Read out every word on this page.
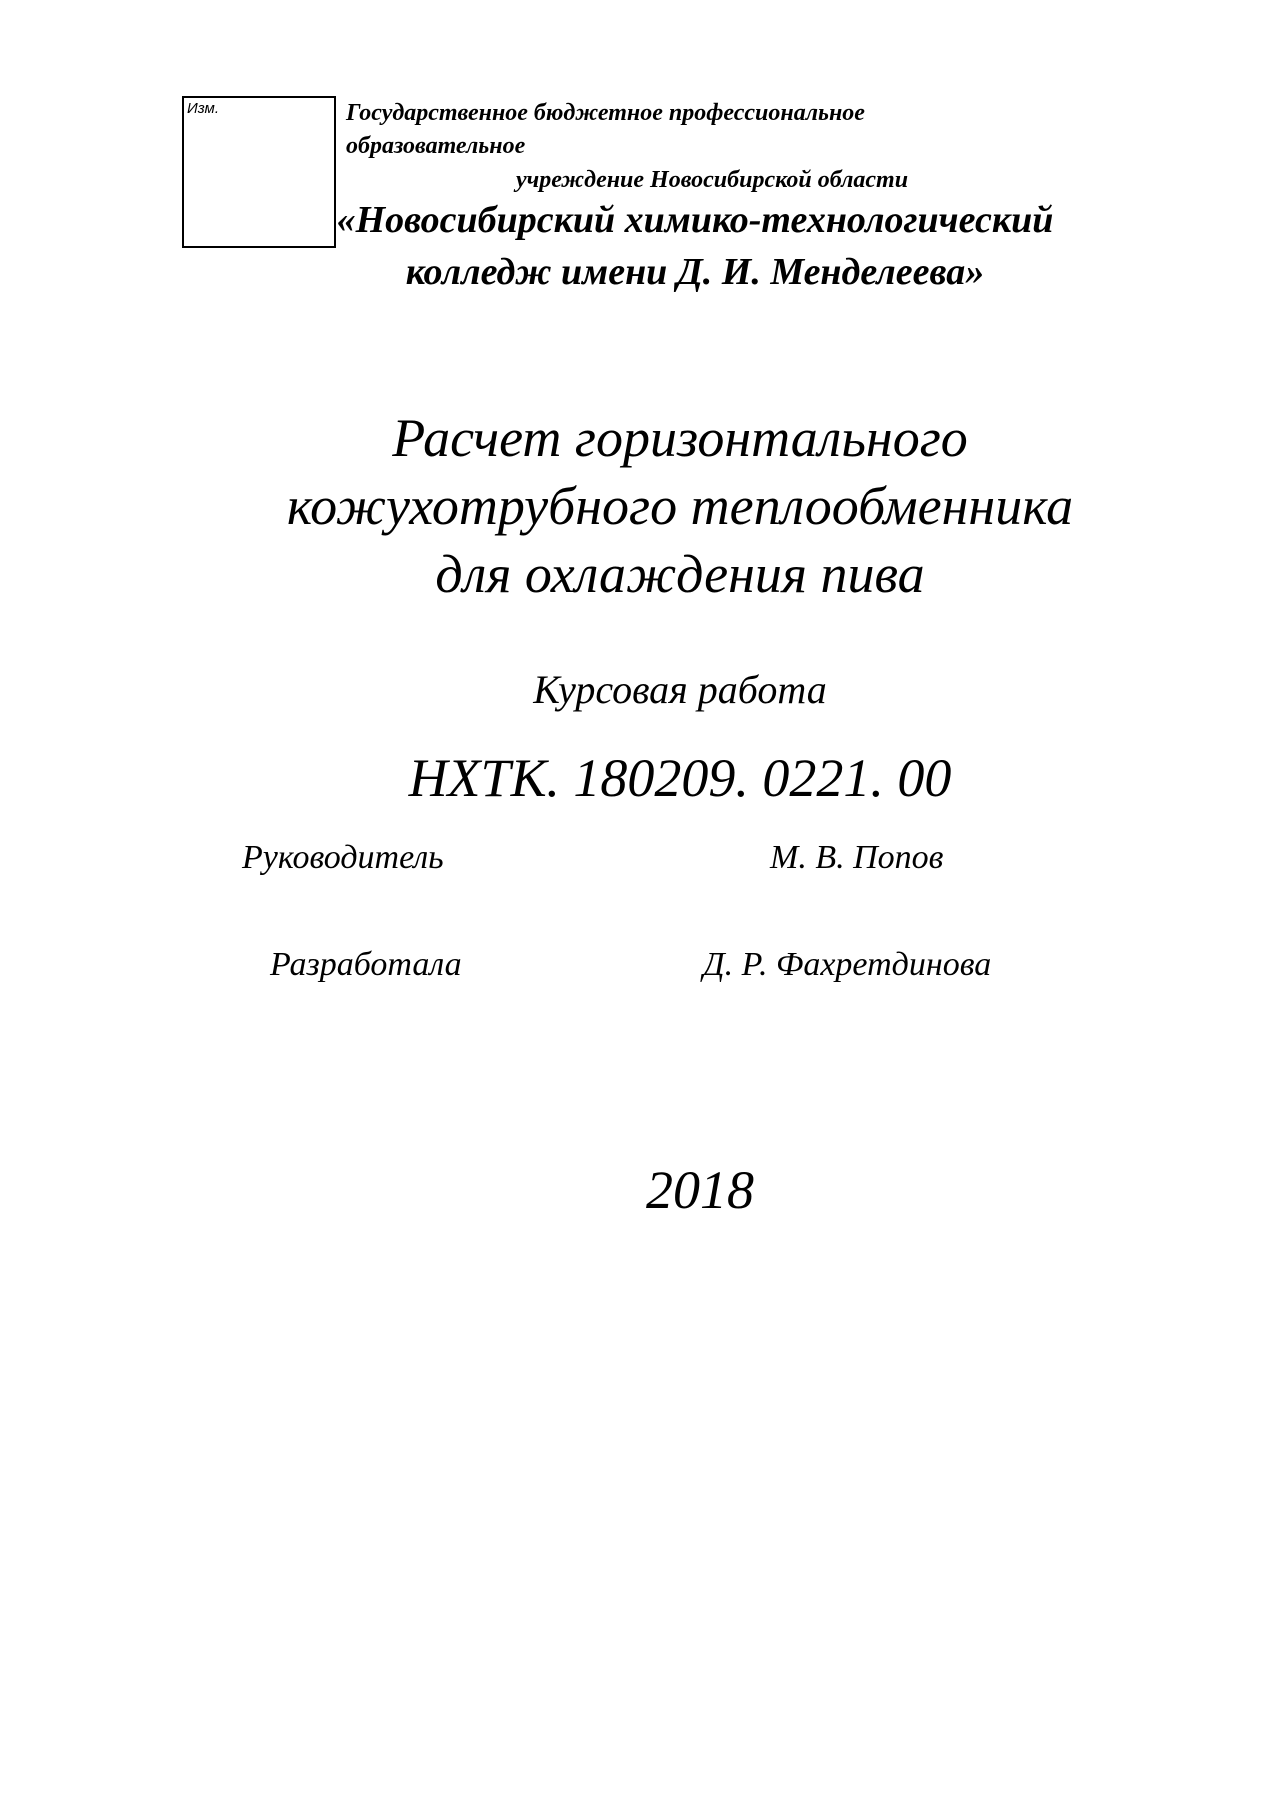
Изм.	Государственное бюджетное профессиональное
образовательное
учреждение Новосибирской области
«Новосибирский химико-технологический
колледж имени Д. И. Менделеева»
Расчет горизонтального
кожухотрубного теплообменника
для охлаждения пива
Курсовая работа
НХТК. 180209. 0221. 00
Руководитель	М. В. Попов
Разработала	Д. Р. Фахретдинова
2018
